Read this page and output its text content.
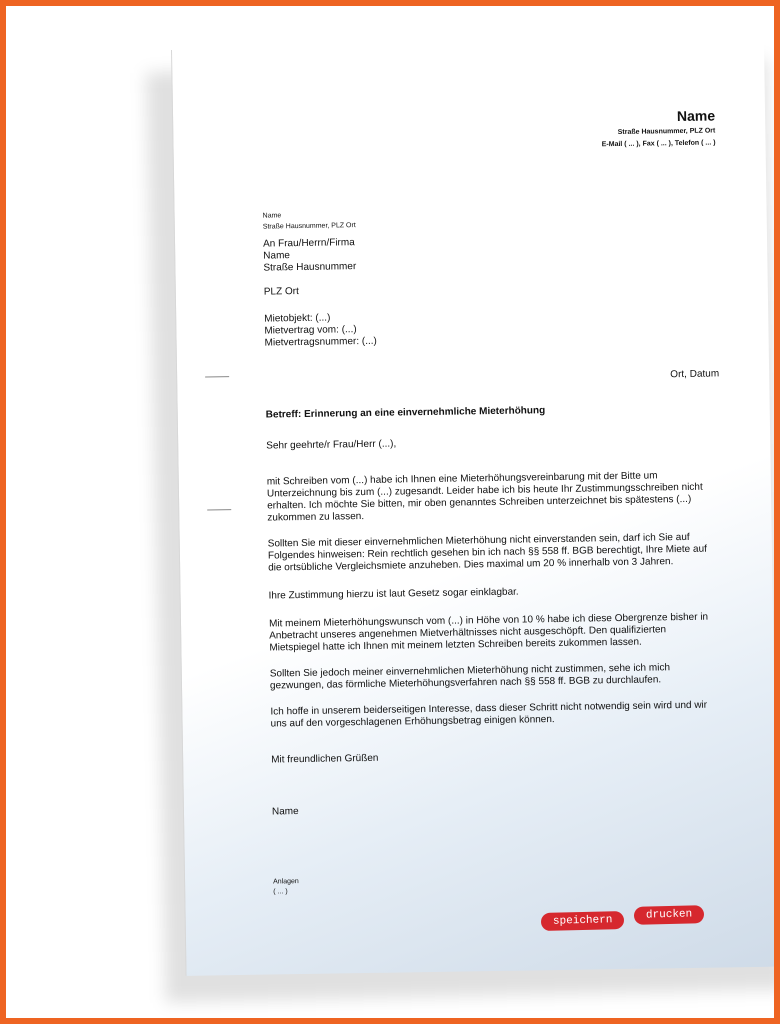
Name
Straße Hausnummer, PLZ Ort
E-Mail ( ... ), Fax ( ... ), Telefon ( ... )
Name
Straße Hausnummer, PLZ Ort
An Frau/Herrn/Firma
Name
Straße Hausnummer
PLZ Ort
Mietobjekt: (...)
Mietvertrag vom: (...)
Mietvertragsnummer: (...)
Ort, Datum
Betreff: Erinnerung an eine einvernehmliche Mieterhöhung
Sehr geehrte/r Frau/Herr (...),
mit Schreiben vom (...) habe ich Ihnen eine Mieterhöhungsvereinbarung mit der Bitte um Unterzeichnung bis zum (...) zugesandt. Leider habe ich bis heute Ihr Zustimmungsschreiben nicht erhalten. Ich möchte Sie bitten, mir oben genanntes Schreiben unterzeichnet bis spätestens (...) zukommen zu lassen.
Sollten Sie mit dieser einvernehmlichen Mieterhöhung nicht einverstanden sein, darf ich Sie auf Folgendes hinweisen: Rein rechtlich gesehen bin ich nach §§ 558 ff. BGB berechtigt, Ihre Miete auf die ortsübliche Vergleichsmiete anzuheben. Dies maximal um 20 % innerhalb von 3 Jahren.
Ihre Zustimmung hierzu ist laut Gesetz sogar einklagbar.
Mit meinem Mieterhöhungswunsch vom (...) in Höhe von 10 % habe ich diese Obergrenze bisher in Anbetracht unseres angenehmen Mietverhältnisses nicht ausgeschöpft. Den qualifizierten Mietspiegel hatte ich Ihnen mit meinem letzten Schreiben bereits zukommen lassen.
Sollten Sie jedoch meiner einvernehmlichen Mieterhöhung nicht zustimmen, sehe ich mich gezwungen, das förmliche Mieterhöhungsverfahren nach §§ 558 ff. BGB zu durchlaufen.
Ich hoffe in unserem beiderseitigen Interesse, dass dieser Schritt nicht notwendig sein wird und wir uns auf den vorgeschlagenen Erhöhungsbetrag einigen können.
Mit freundlichen Grüßen
Name
Anlagen
( ... )
speichern	drucken
